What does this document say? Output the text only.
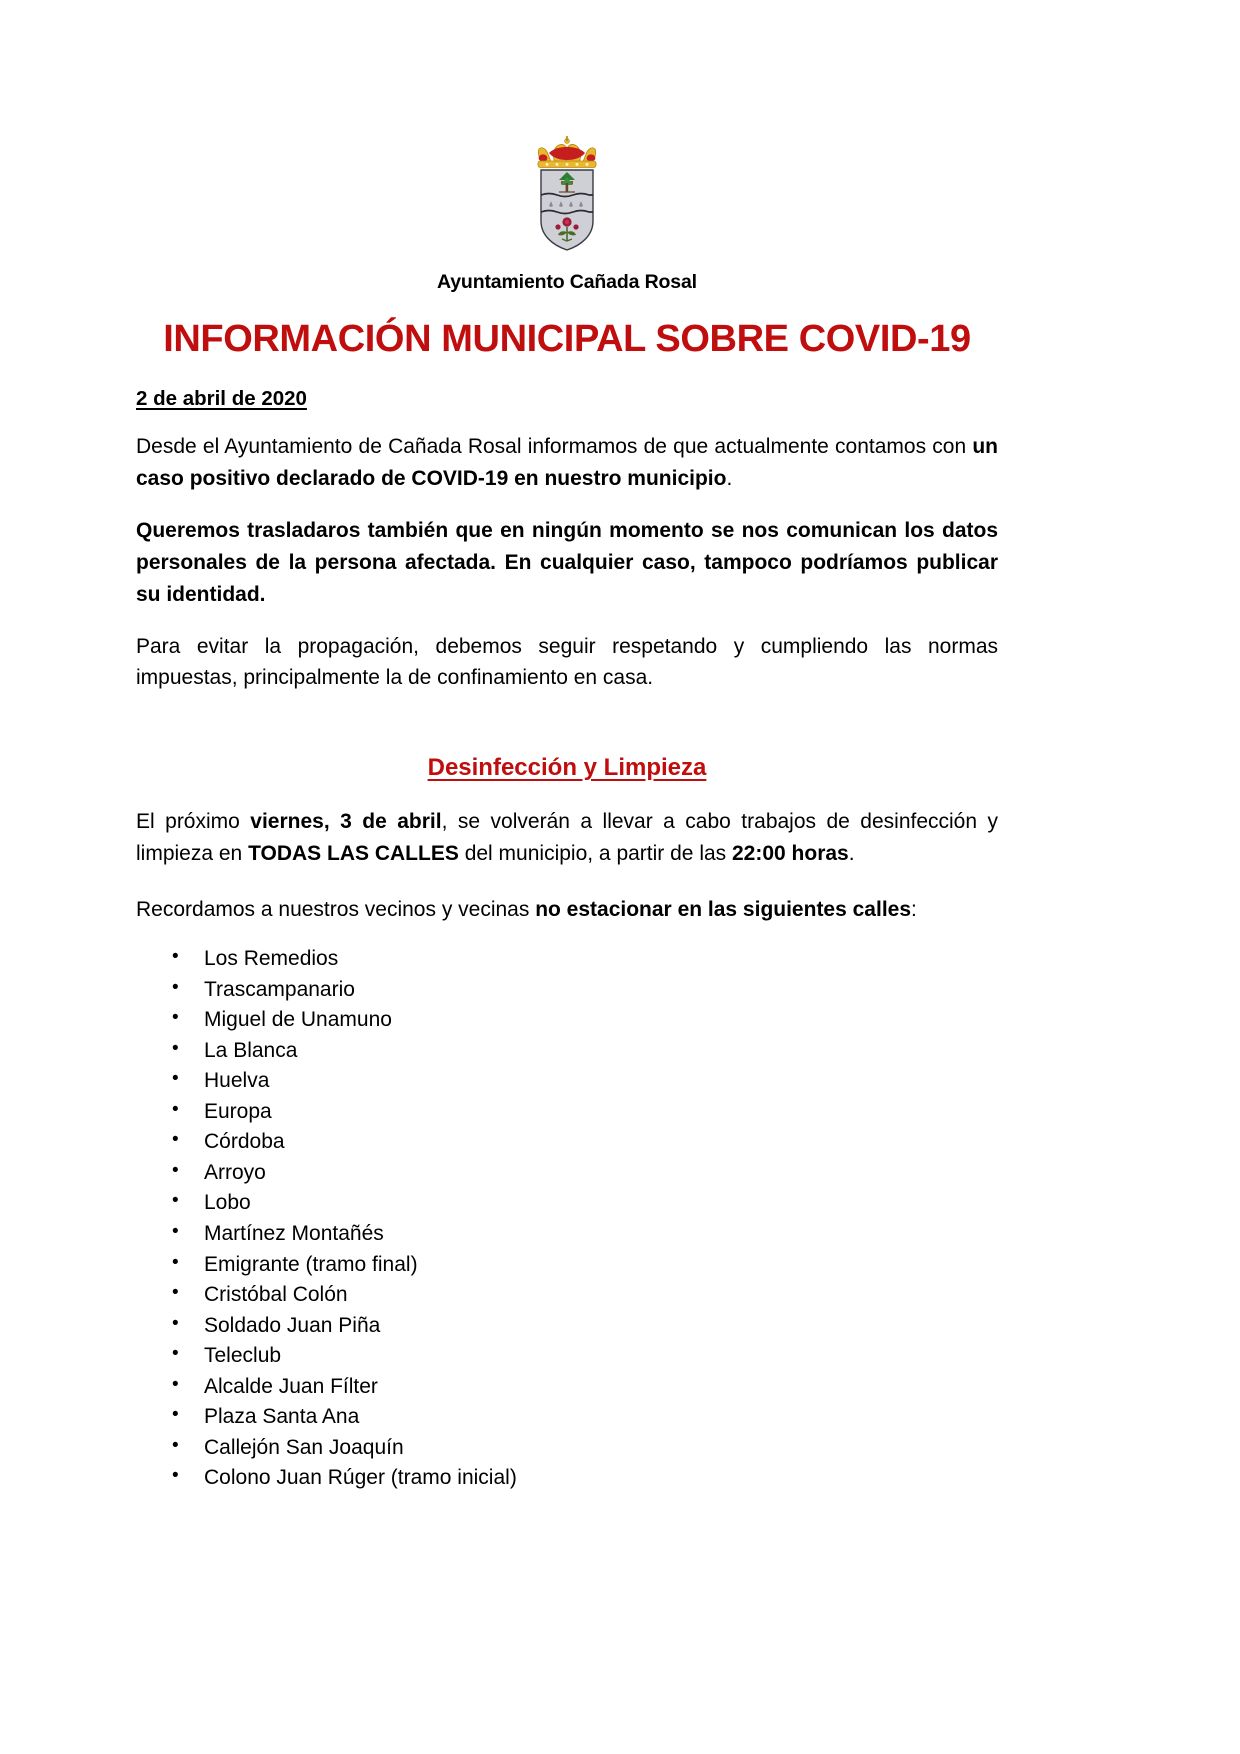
Ayuntamiento Cañada Rosal
INFORMACIÓN MUNICIPAL SOBRE COVID-19
2 de abril de 2020

Desde el Ayuntamiento de Cañada Rosal informamos de que actualmente contamos con un caso positivo declarado de COVID-19 en nuestro municipio.

Queremos trasladaros también que en ningún momento se nos comunican los datos personales de la persona afectada. En cualquier caso, tampoco podríamos publicar su identidad.

Para evitar la propagación, debemos seguir respetando y cumpliendo las normas impuestas, principalmente la de confinamiento en casa.

Desinfección y Limpieza

El próximo viernes, 3 de abril, se volverán a llevar a cabo trabajos de desinfección y limpieza en TODAS LAS CALLES del municipio, a partir de las 22:00 horas.

Recordamos a nuestros vecinos y vecinas no estacionar en las siguientes calles:

• Los Remedios
• Trascampanario
• Miguel de Unamuno
• La Blanca
• Huelva
• Europa
• Córdoba
• Arroyo
• Lobo
• Martínez Montañés
• Emigrante (tramo final)
• Cristóbal Colón
• Soldado Juan Piña
• Teleclub
• Alcalde Juan Fílter
• Plaza Santa Ana
• Callejón San Joaquín
• Colono Juan Rúger (tramo inicial)
